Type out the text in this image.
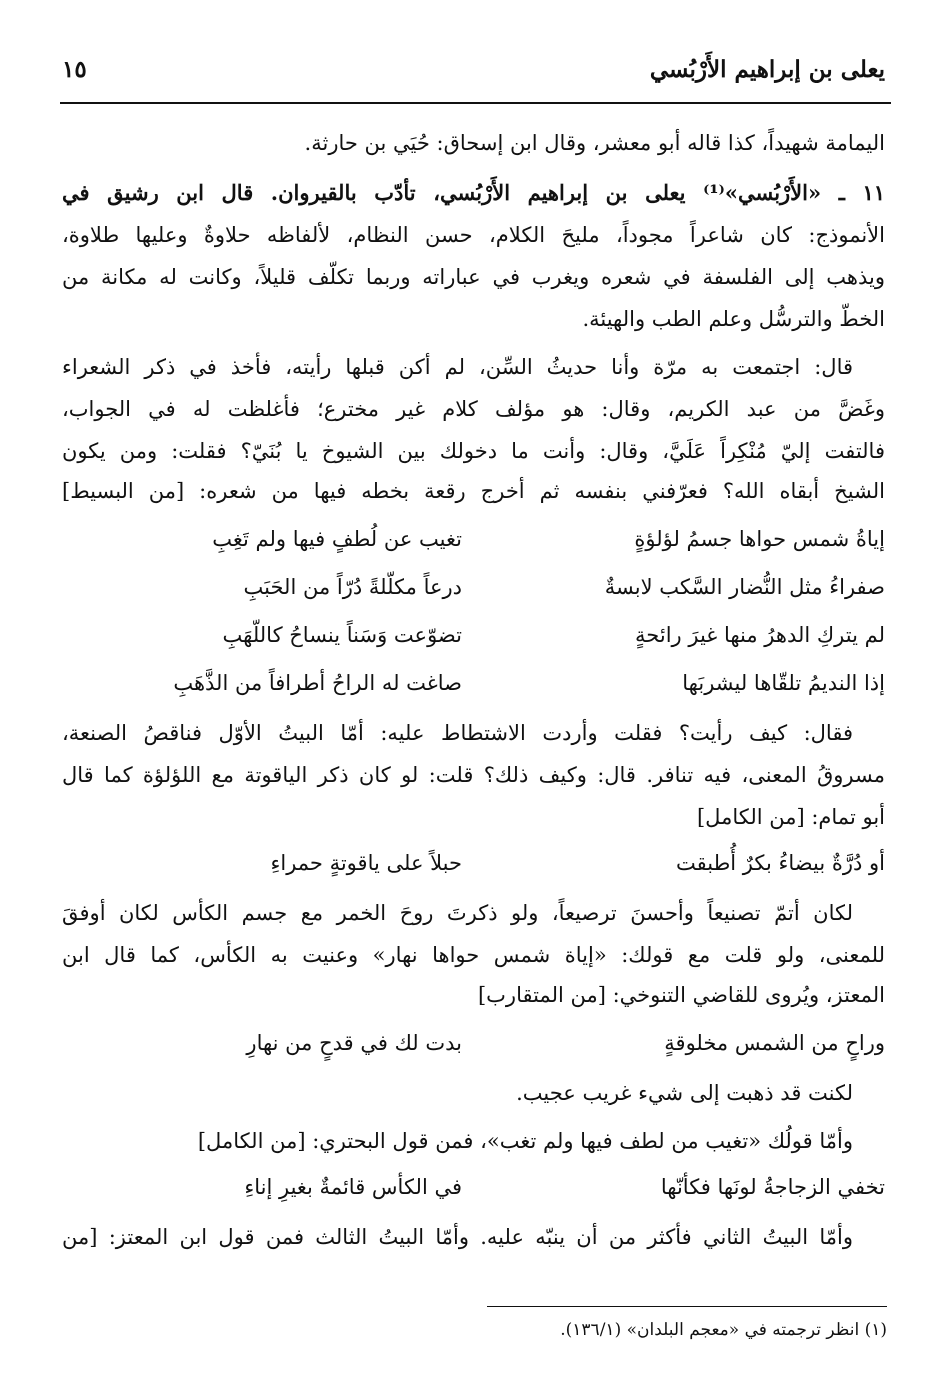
يعلى بن إبراهيم الأَرْبُسي
١٥
اليمامة شهيداً، كذا قاله أبو معشر، وقال ابن إسحاق: حُيَي بن حارثة.
١١ ـ «الأَرْبُسي»⁽¹⁾ يعلى بن إبراهيم الأَرْبُسي، تأدّب بالقيروان. قال ابن رشيق في
الأنموذج: كان شاعراً مجوداً، مليحَ الكلام، حسن النظام، لألفاظه حلاوةٌ وعليها طلاوة،
ويذهب إلى الفلسفة في شعره ويغرب في عباراته وربما تكلّف قليلاً، وكانت له مكانة من
الخطّ والترسُّل وعلم الطب والهيئة.
قال: اجتمعت به مرّة وأنا حديثُ السِّن، لم أكن قبلها رأيته، فأخذ في ذكر الشعراء
وغَضَّ من عبد الكريم، وقال: هو مؤلف كلام غير مخترع؛ فأغلظت له في الجواب،
فالتفت إليّ مُنْكِراً عَلَيَّ، وقال: وأنت ما دخولك بين الشيوخ يا بُنَيّ؟ فقلت: ومن يكون
الشيخ أبقاه الله؟ فعرّفني بنفسه ثم أخرج رقعة بخطه فيها من شعره: [من البسيط]
إياةُ شمس حواها جسمُ لؤلؤةٍ
تغيب عن لُطفٍ فيها ولم تَغِبِ
صفراءُ مثل النُّضار السَّكب لابسةٌ
درعاً مكلّلةً دُرّاً من الحَبَبِ
لم يتركِ الدهرُ منها غيرَ رائحةٍ
تضوّعت وَسَناً ينساحُ كاللّهَبِ
إذا النديمُ تلقّاها ليشربَها
صاغت له الراحُ أطرافاً من الذَّهَبِ
فقال: كيف رأيت؟ فقلت وأردت الاشتطاط عليه: أمّا البيتُ الأوّل فناقصُ الصنعة،
مسروقُ المعنى، فيه تنافر. قال: وكيف ذلك؟ قلت: لو كان ذكر الياقوتة مع اللؤلؤة كما قال
أبو تمام: [من الكامل]
أو دُرَّةٌ بيضاءُ بكرٌ أُطبقت
حبلاً على ياقوتةٍ حمراءِ
لكان أتمّ تصنيعاً وأحسنَ ترصيعاً، ولو ذكرتَ روحَ الخمر مع جسم الكأس لكان أوفقَ
للمعنى، ولو قلت مع قولك: «إياة شمس حواها نهار» وعنيت به الكأس، كما قال ابن
المعتز، ويُروى للقاضي التنوخي: [من المتقارب]
وراحٍ من الشمس مخلوقةٍ
بدت لك في قدحٍ من نهارِ
لكنت قد ذهبت إلى شيء غريب عجيب.
وأمّا قولُك «تغيب من لطف فيها ولم تغب»، فمن قول البحتري: [من الكامل]
تخفي الزجاجةُ لونَها فكأنّها
في الكأس قائمةٌ بغيرِ إناءِ
وأمّا البيتُ الثاني فأكثر من أن ينبّه عليه. وأمّا البيتُ الثالث فمن قول ابن المعتز: [من
(١) انظر ترجمته في «معجم البلدان» (١٣٦/١).
